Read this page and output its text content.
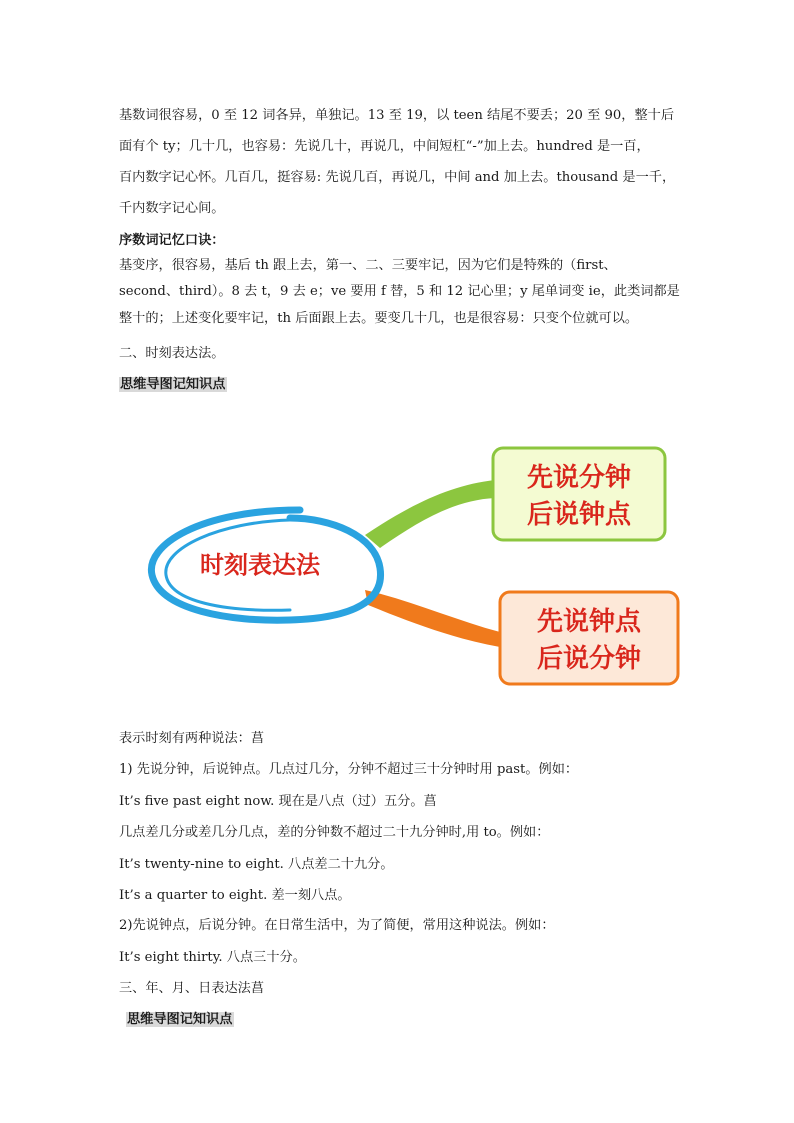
基数词很容易，0 至 12 词各异，单独记。13 至 19，以 teen 结尾不要丢；20 至 90，整十后
面有个 ty；几十几，也容易：先说几十，再说几，中间短杠“-”加上去。hundred 是一百，
百内数字记心怀。几百几，挺容易: 先说几百，再说几，中间 and 加上去。thousand 是一千，
千内数字记心间。
序数词记忆口诀：
基变序，很容易，基后 th 跟上去，第一、二、三要牢记，因为它们是特殊的（first、
second、third）。8 去 t，9 去 e；ve 要用 f 替，5 和 12 记心里；y 尾单词变 ie，此类词都是
整十的；上述变化要牢记，th 后面跟上去。要变几十几，也是很容易：只变个位就可以。
二、时刻表达法。
思维导图记知识点
时刻表达法
先说分钟
后说钟点
先说钟点
后说分钟
表示时刻有两种说法：菖
1) 先说分钟，后说钟点。几点过几分，分钟不超过三十分钟时用 past。例如：
It’s five past eight now. 现在是八点（过）五分。菖
几点差几分或差几分几点，差的分钟数不超过二十九分钟时,用 to。例如：
It’s twenty-nine to eight. 八点差二十九分。
It’s a quarter to eight. 差一刻八点。
2)先说钟点，后说分钟。在日常生活中，为了简便，常用这种说法。例如：
It’s eight thirty. 八点三十分。
三、年、月、日表达法菖
思维导图记知识点
